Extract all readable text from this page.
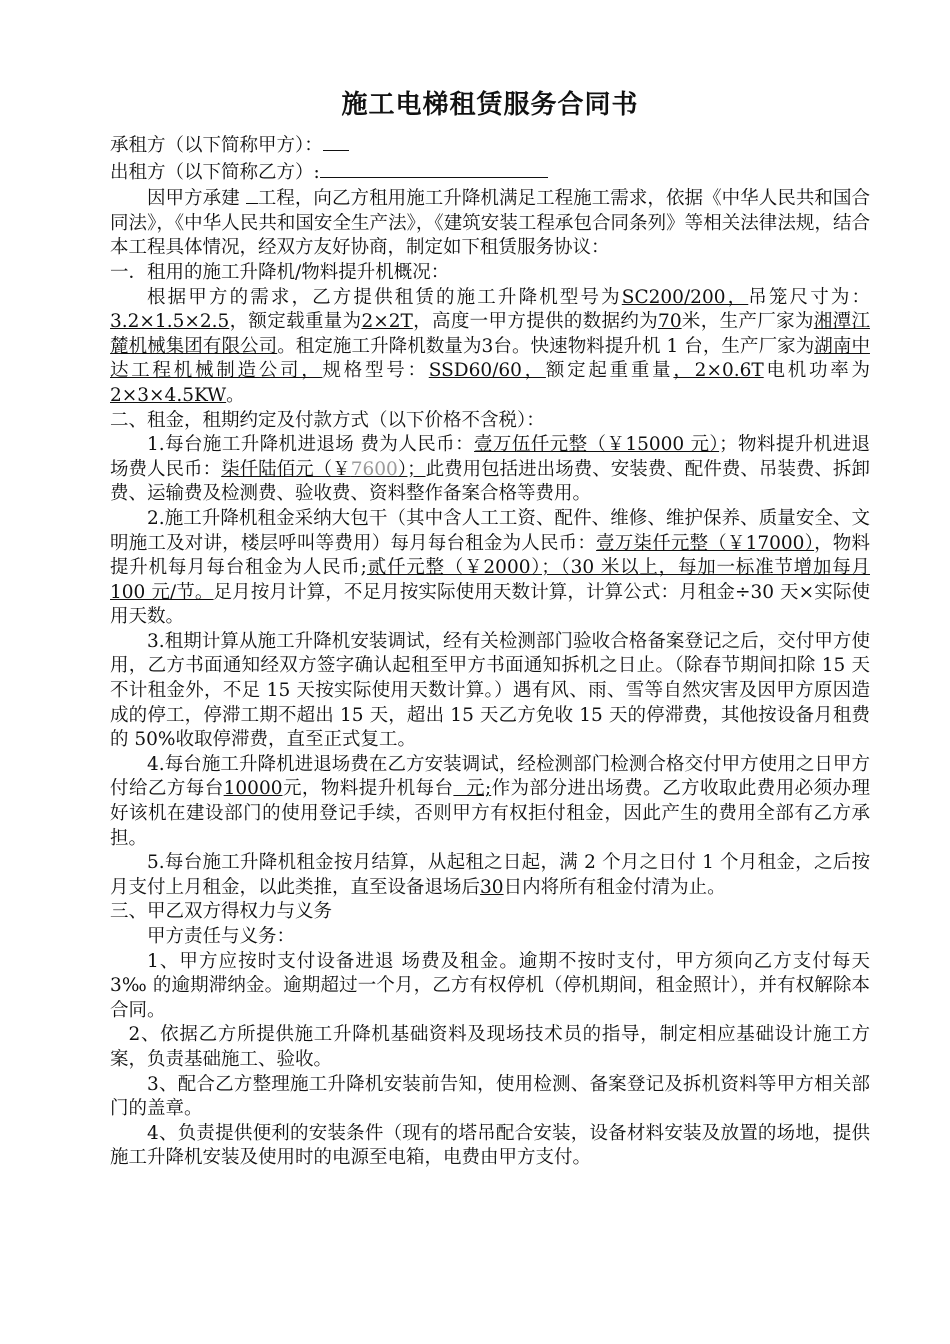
施工电梯租赁服务合同书

承租方（以下简称甲方）：

出租方（以下简称乙方）:

因甲方承建 工程，向乙方租用施工升降机满足工程施工需求，依据《中华人民共和国合同法》，《中华人民共和国安全生产法》，《建筑安装工程承包合同条列》等相关法律法规，结合本工程具体情况，经双方友好协商，制定如下租赁服务协议：

一．租用的施工升降机/物料提升机概况：

根据甲方的需求，乙方提供租赁的施工升降机型号为SC200/200，吊笼尺寸为：3.2×1.5×2.5，额定载重量为2×2T，高度一甲方提供的数据约为70米，生产厂家为湘潭江麓机械集团有限公司。租定施工升降机数量为3台。快速物料提升机 1 台，生产厂家为湖南中达工程机械制造公司，规格型号：SSD60/60，额定起重重量，2×0.6T电机功率为2×3×4.5KW。

二、租金，租期约定及付款方式（以下价格不含税）：

1.每台施工升降机进退场 费为人民币：壹万伍仟元整（￥15000 元）；物料提升机进退场费人民币：柒仟陆佰元（￥7600）；此费用包括进出场费、安装费、配件费、吊装费、拆卸费、运输费及检测费、验收费、资料整作备案合格等费用。

2.施工升降机租金采纳大包干（其中含人工工资、配件、维修、维护保养、质量安全、文明施工及对讲，楼层呼叫等费用）每月每台租金为人民币：壹万柒仟元整（￥17000），物料提升机每月每台租金为人民币;贰仟元整（￥2000）；（30 米以上，每加一标准节增加每月 100 元/节。足月按月计算，不足月按实际使用天数计算，计算公式：月租金÷30 天×实际使用天数。

3.租期计算从施工升降机安装调试，经有关检测部门验收合格备案登记之后，交付甲方使用，乙方书面通知经双方签字确认起租至甲方书面通知拆机之日止。（除春节期间扣除 15 天不计租金外，不足 15 天按实际使用天数计算。）遇有风、雨、雪等自然灾害及因甲方原因造成的停工，停滞工期不超出 15 天，超出 15 天乙方免收 15 天的停滞费，其他按设备月租费的 50%收取停滞费，直至正式复工。

4.每台施工升降机进退场费在乙方安装调试，经检测部门检测合格交付甲方使用之日甲方付给乙方每台10000元，物料提升机每台  元;作为部分进出场费。乙方收取此费用必须办理好该机在建设部门的使用登记手续，否则甲方有权拒付租金，因此产生的费用全部有乙方承担。

5.每台施工升降机租金按月结算，从起租之日起，满 2 个月之日付 1 个月租金，之后按月支付上月租金，以此类推，直至设备退场后30日内将所有租金付清为止。

三、甲乙双方得权力与义务

甲方责任与义务：

1、甲方应按时支付设备进退 场费及租金。逾期不按时支付，甲方须向乙方支付每天 3‰ 的逾期滞纳金。逾期超过一个月，乙方有权停机（停机期间，租金照计），并有权解除本合同。

2、依据乙方所提供施工升降机基础资料及现场技术员的指导，制定相应基础设计施工方案，负责基础施工、验收。

3、配合乙方整理施工升降机安装前告知，使用检测、备案登记及拆机资料等甲方相关部门的盖章。

4、负责提供便利的安装条件（现有的塔吊配合安装，设备材料安装及放置的场地，提供施工升降机安装及使用时的电源至电箱，电费由甲方支付。
